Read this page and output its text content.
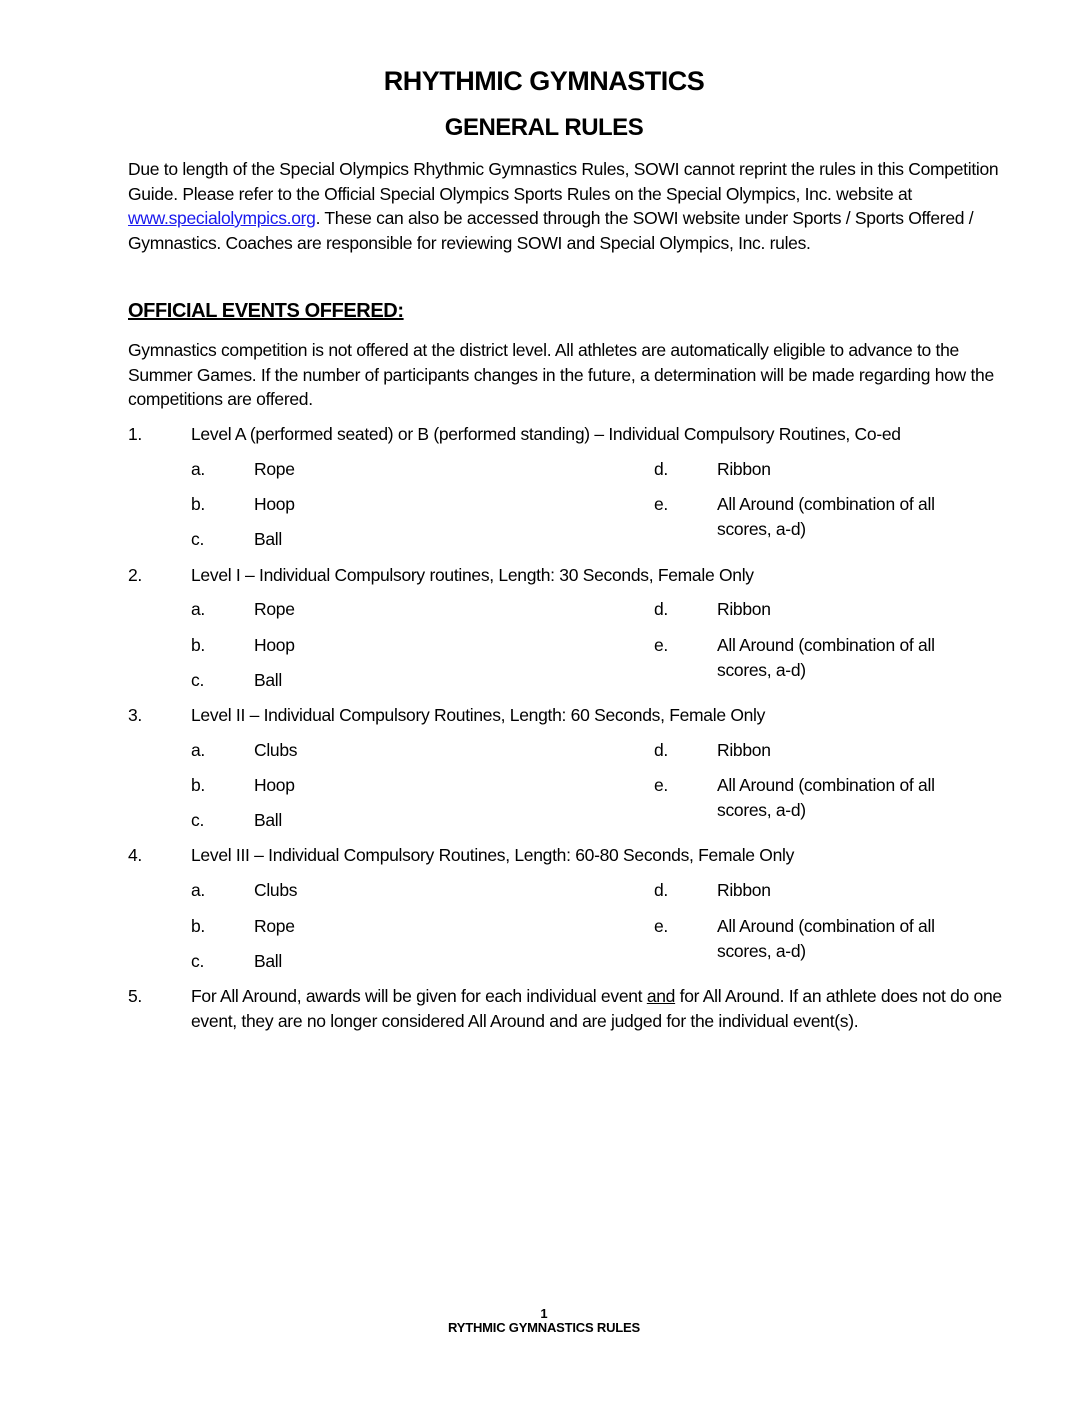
RHYTHMIC GYMNASTICS
GENERAL RULES

Due to length of the Special Olympics Rhythmic Gymnastics Rules, SOWI cannot reprint the rules in this Competition Guide. Please refer to the Official Special Olympics Sports Rules on the Special Olympics, Inc. website at www.specialolympics.org. These can also be accessed through the SOWI website under Sports / Sports Offered / Gymnastics. Coaches are responsible for reviewing SOWI and Special Olympics, Inc. rules.

OFFICIAL EVENTS OFFERED:
Gymnastics competition is not offered at the district level. All athletes are automatically eligible to advance to the Summer Games. If the number of participants changes in the future, a determination will be made regarding how the competitions are offered.
1.	Level A (performed seated) or B (performed standing) – Individual Compulsory Routines, Co-ed
a.	Rope
b.	Hoop
c.	Ball
d.	Ribbon
e.	All Around (combination of all scores, a-d)
2.	Level I – Individual Compulsory routines, Length: 30 Seconds, Female Only
a.	Rope
b.	Hoop
c.	Ball
d.	Ribbon
e.	All Around (combination of all scores, a-d)
3.	Level II – Individual Compulsory Routines, Length: 60 Seconds, Female Only
a.	Clubs
b.	Hoop
c.	Ball
d.	Ribbon
e.	All Around (combination of all scores, a-d)
4.	Level III – Individual Compulsory Routines, Length: 60-80 Seconds, Female Only
a.	Clubs
b.	Rope
c.	Ball
d.	Ribbon
e.	All Around (combination of all scores, a-d)
5.	For All Around, awards will be given for each individual event and for All Around. If an athlete does not do one event, they are no longer considered All Around and are judged for the individual event(s).
1
RYTHMIC GYMNASTICS RULES
